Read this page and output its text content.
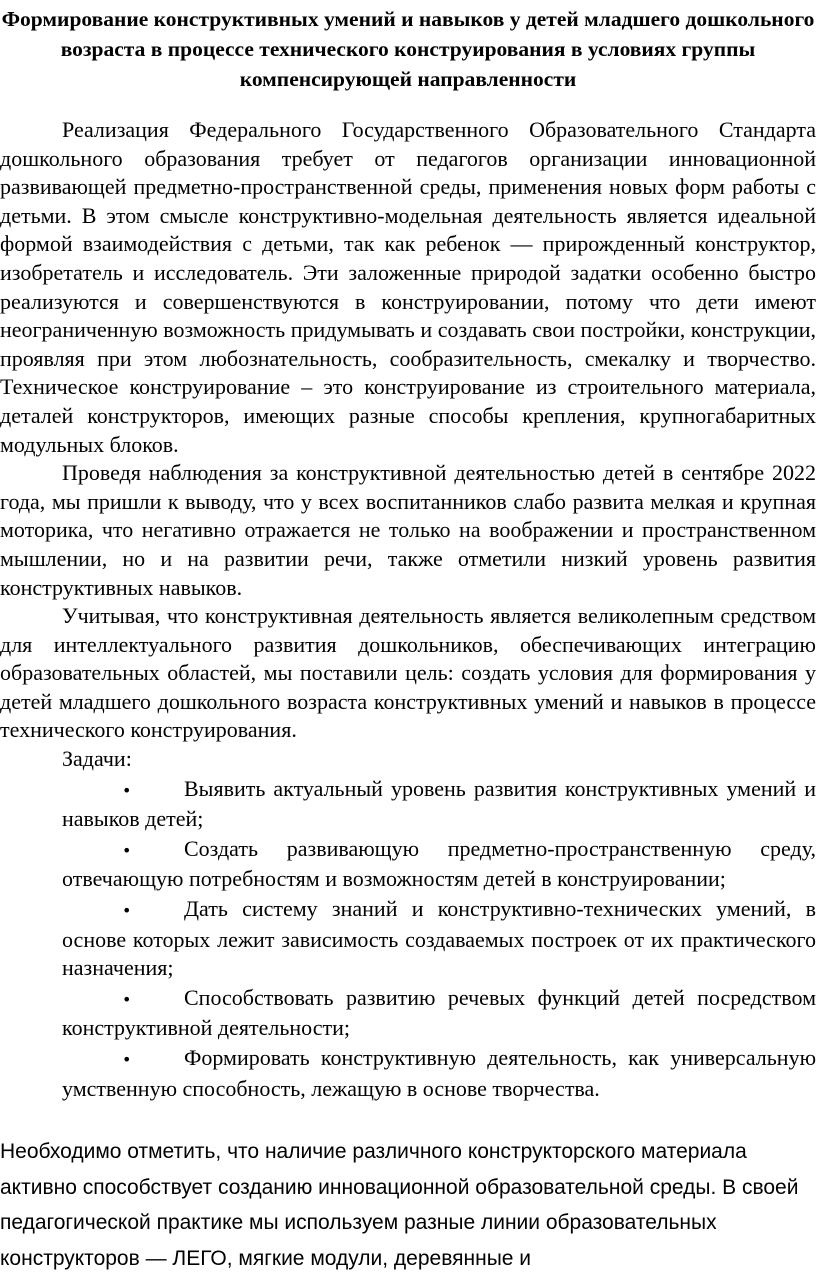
Формирование конструктивных умений и навыков у детей младшего дошкольного возраста в процессе технического конструирования в условиях группы компенсирующей направленности

Реализация Федерального Государственного Образовательного Стандарта дошкольного образования требует от педагогов организации инновационной развивающей предметно-пространственной среды, применения новых форм работы с детьми. В этом смысле конструктивно-модельная деятельность является идеальной формой взаимодействия с детьми, так как ребенок — прирожденный конструктор, изобретатель и исследователь. Эти заложенные природой задатки особенно быстро реализуются и совершенствуются в конструировании, потому что дети имеют неограниченную возможность придумывать и создавать свои постройки, конструкции, проявляя при этом любознательность, сообразительность, смекалку и творчество. Техническое конструирование – это конструирование из строительного материала, деталей конструкторов, имеющих разные способы крепления, крупногабаритных модульных блоков.

Проведя наблюдения за конструктивной деятельностью детей в сентябре 2022 года, мы пришли к выводу, что у всех воспитанников слабо развита мелкая и крупная моторика, что негативно отражается не только на воображении и пространственном мышлении, но и на развитии речи, также отметили низкий уровень развития конструктивных навыков.

Учитывая, что конструктивная деятельность является великолепным средством для интеллектуального развития дошкольников, обеспечивающих интеграцию образовательных областей, мы поставили цель: создать условия для формирования у детей младшего дошкольного возраста конструктивных умений и навыков в процессе технического конструирования.

Задачи:
• Выявить актуальный уровень развития конструктивных умений и навыков детей;
• Создать развивающую предметно-пространственную среду, отвечающую потребностям и возможностям детей в конструировании;
• Дать систему знаний и конструктивно-технических умений, в основе которых лежит зависимость создаваемых построек от их практического назначения;
• Способствовать развитию речевых функций детей посредством конструктивной деятельности;
• Формировать конструктивную деятельность, как универсальную умственную способность, лежащую в основе творчества.

Необходимо отметить, что наличие различного конструкторского материала активно способствует созданию инновационной образовательной среды. В своей педагогической практике мы используем разные линии образовательных конструкторов — ЛЕГО, мягкие модули, деревянные и
